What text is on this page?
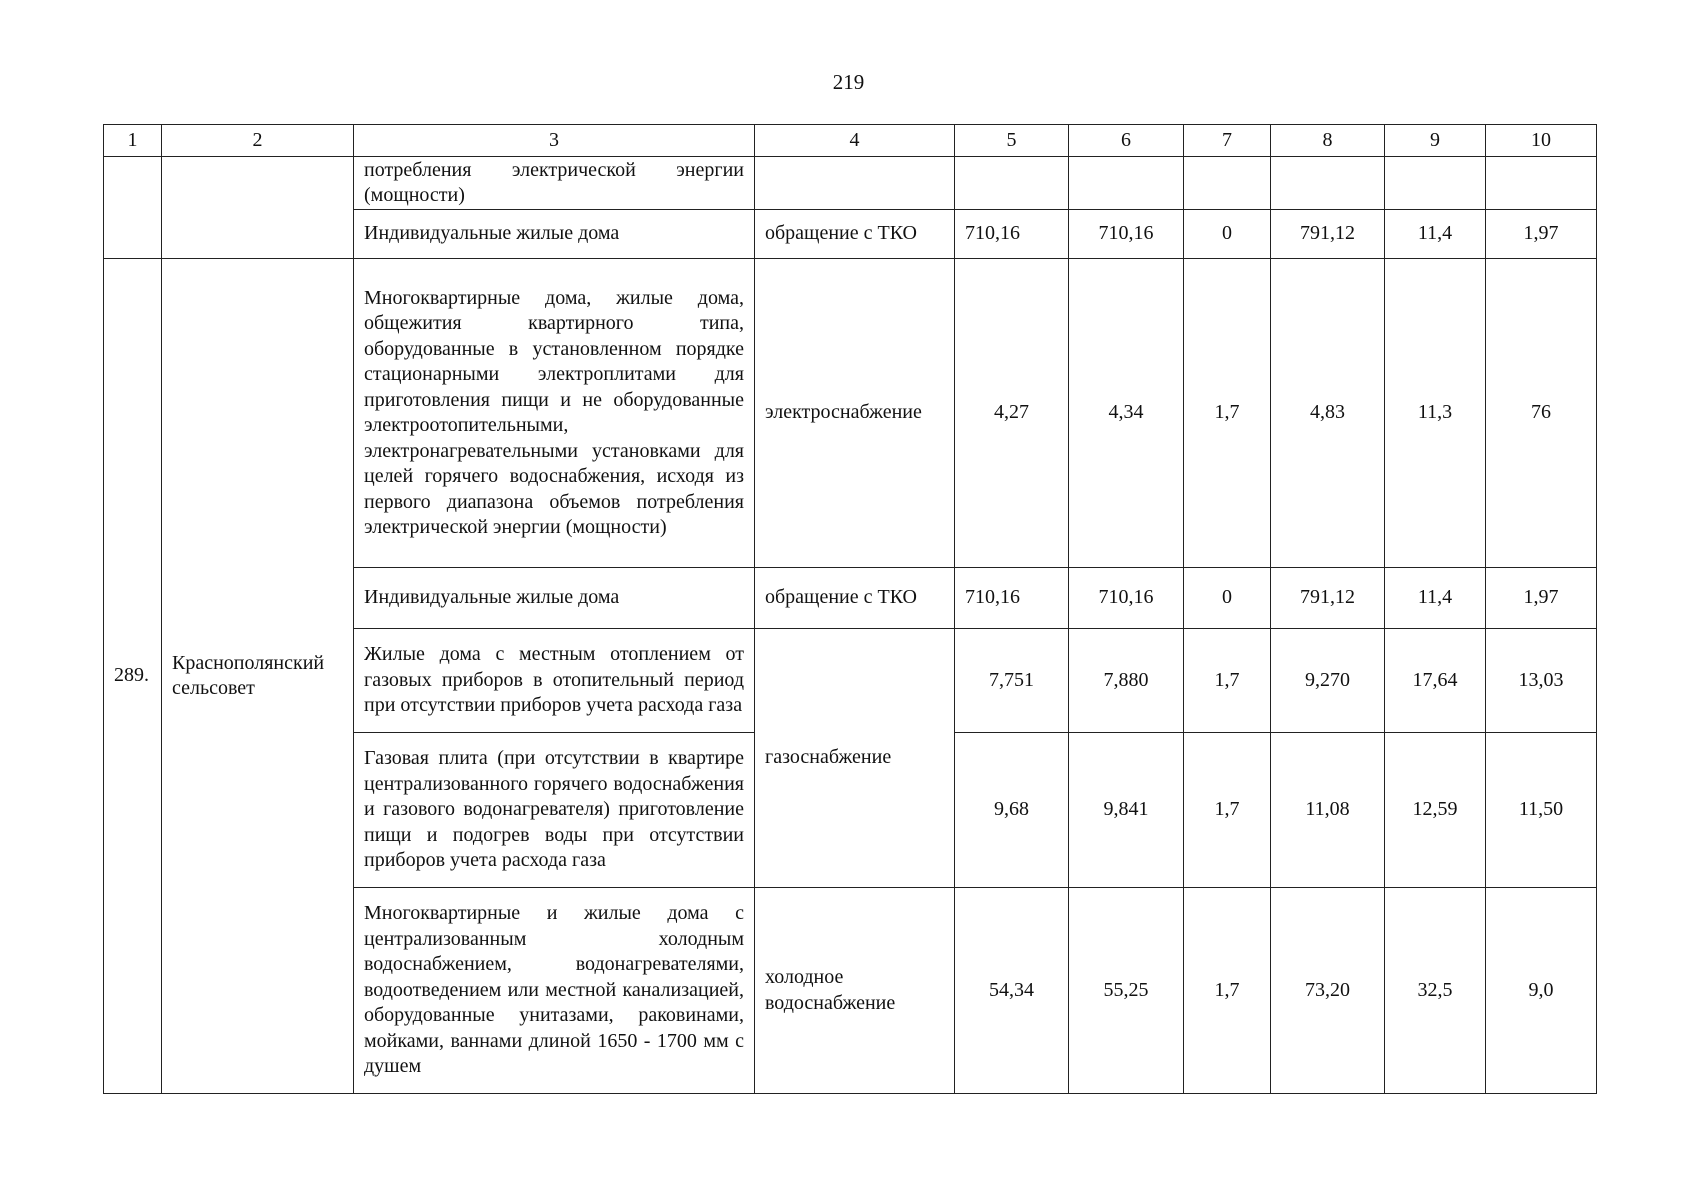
219
1	2	3	4	5	6	7	8	9	10
		потребления электрической энергии (мощности)							
		Индивидуальные жилые дома	обращение с ТКО	710,16	710,16	0	791,12	11,4	1,97
289.	Краснополянский сельсовет	Многоквартирные дома, жилые дома, общежития квартирного типа, оборудованные в установленном порядке стационарными электроплитами для приготовления пищи и не оборудованные электроотопительными, электронагревательными установками для целей горячего водоснабжения, исходя из первого диапазона объемов потребления электрической энергии (мощности)	электроснабжение	4,27	4,34	1,7	4,83	11,3	76
		Индивидуальные жилые дома	обращение с ТКО	710,16	710,16	0	791,12	11,4	1,97
		Жилые дома с местным отоплением от газовых приборов в отопительный период при отсутствии приборов учета расхода газа	газоснабжение	7,751	7,880	1,7	9,270	17,64	13,03
		Газовая плита (при отсутствии в квартире централизованного горячего водоснабжения и газового водонагревателя) приготовление пищи и подогрев воды при отсутствии приборов учета расхода газа		9,68	9,841	1,7	11,08	12,59	11,50
		Многоквартирные и жилые дома с централизованным холодным водоснабжением, водонагревателями, водоотведением или местной канализацией, оборудованные унитазами, раковинами, мойками, ваннами длиной 1650 - 1700 мм с душем	холодное водоснабжение	54,34	55,25	1,7	73,20	32,5	9,0
